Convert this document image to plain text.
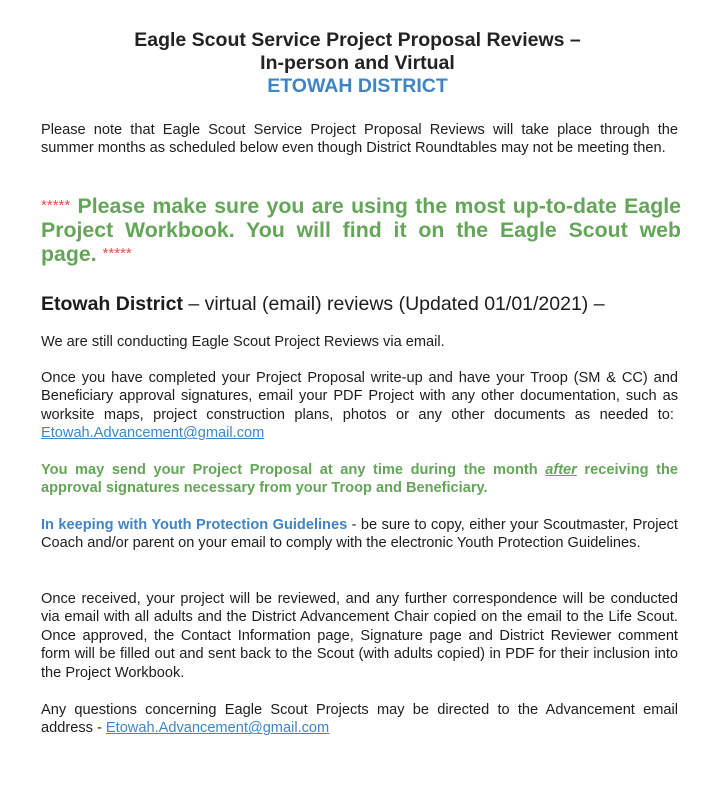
Eagle Scout Service Project Proposal Reviews –
In-person and Virtual
ETOWAH DISTRICT

Please note that Eagle Scout Service Project Proposal Reviews will take place through the summer months as scheduled below even though District Roundtables may not be meeting then.

***** Please make sure you are using the most up-to-date Eagle Project Workbook. You will find it on the Eagle Scout web page. *****

Etowah District – virtual (email) reviews (Updated 01/01/2021) –

We are still conducting Eagle Scout Project Reviews via email.

Once you have completed your Project Proposal write-up and have your Troop (SM & CC) and Beneficiary approval signatures, email your PDF Project with any other documentation, such as worksite maps, project construction plans, photos or any other documents as needed to:  Etowah.Advancement@gmail.com

You may send your Project Proposal at any time during the month after receiving the approval signatures necessary from your Troop and Beneficiary.

In keeping with Youth Protection Guidelines - be sure to copy, either your Scoutmaster, Project Coach and/or parent on your email to comply with the electronic Youth Protection Guidelines.

Once received, your project will be reviewed, and any further correspondence will be conducted via email with all adults and the District Advancement Chair copied on the email to the Life Scout. Once approved, the Contact Information page, Signature page and District Reviewer comment form will be filled out and sent back to the Scout (with adults copied) in PDF for their inclusion into the Project Workbook.

Any questions concerning Eagle Scout Projects may be directed to the Advancement email address - Etowah.Advancement@gmail.com
